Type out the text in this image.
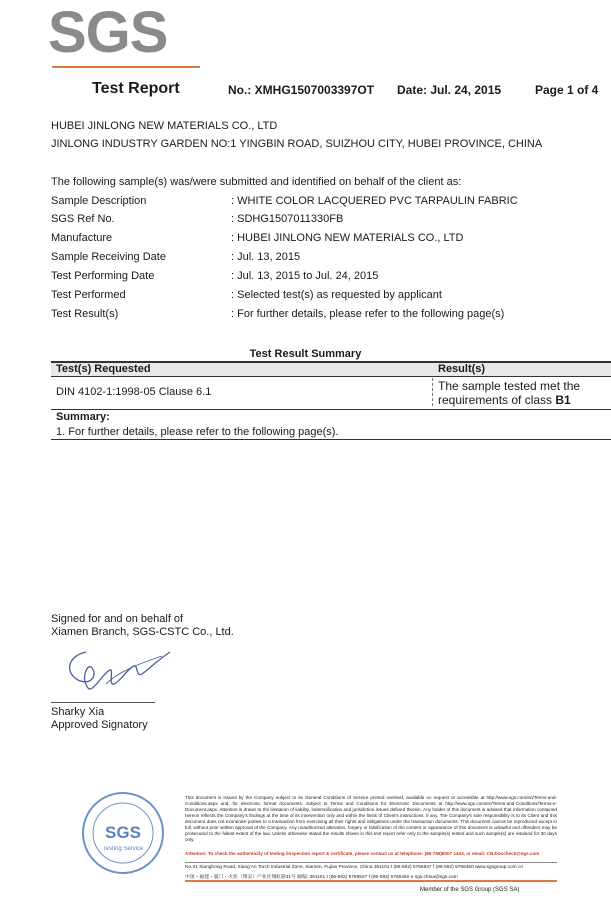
SGS
Test Report	No.: XMHG1507003397OT Date: Jul. 24, 2015	Page 1 of 4
HUBEI JINLONG NEW MATERIALS CO., LTD
JINLONG INDUSTRY GARDEN NO:1 YINGBIN ROAD, SUIZHOU CITY, HUBEI PROVINCE, CHINA
The following sample(s) was/were submitted and identified on behalf of the client as:
Sample Description	: WHITE COLOR LACQUERED PVC TARPAULIN FABRIC
SGS Ref No.	: SDHG1507011330FB
Manufacture	: HUBEI JINLONG NEW MATERIALS CO., LTD
Sample Receiving Date	: Jul. 13, 2015
Test Performing Date	: Jul. 13, 2015 to Jul. 24, 2015
Test Performed	: Selected test(s) as requested by applicant
Test Result(s)	: For further details, please refer to the following page(s)
Test Result Summary
Test(s) Requested	Result(s)
DIN 4102-1:1998-05 Clause 6.1	The sample tested met the
requirements of class B1
Summary:
1. For further details, please refer to the following page(s).
Signed for and on behalf of
Xiamen Branch, SGS-CSTC Co., Ltd.
Sharky Xia
Approved Signatory
SGS
Testing Service
This document is issued by the Company subject to its General Conditions of Service printed overleaf, available on request or accessible at http://www.sgs.com/en/Terms-and-Conditions.aspx and, for electronic format documents, subject to Terms and Conditions for Electronic Documents at http://www.sgs.com/en/Terms-and-Conditions/Terms-e-Document.aspx. Attention is drawn to the limitation of liability, indemnification and jurisdiction issues defined therein. Any holder of this document is advised that information contained hereon reflects the Company's findings at the time of its intervention only and within the limits of Client's instructions, if any. The Company's sole responsibility is to its Client and this document does not exonerate parties to a transaction from exercising all their rights and obligations under the transaction documents. This document cannot be reproduced except in full, without prior written approval of the Company. Any unauthorized alteration, forgery or falsification of the content or appearance of this document is unlawful and offenders may be prosecuted to the fullest extent of the law. Unless otherwise stated the results shown in this test report refer only to the sample(s) tested and such sample(s) are retained for 30 days only.
Attention: To check the authenticity of testing /inspection report & certificate, please contact us at telephone: (86-755)8307 1443, or email: CN.Doccheck@sgs.com
No.31 Xianghong Road, Xiang'An Torch Industrial Zone, Xiamen, Fujian Province, China 361101 t (86-592) 5766537 f (86-592) 5766460 www.sgsgroup.com.cn
中国・福建・厦门・火炬（翔安）产业区翔虹路31号 邮编: 361101 t (86-592) 5766537 f (86-592) 5766460 e sgs.china@sgs.com
Member of the SGS Group (SGS SA)
